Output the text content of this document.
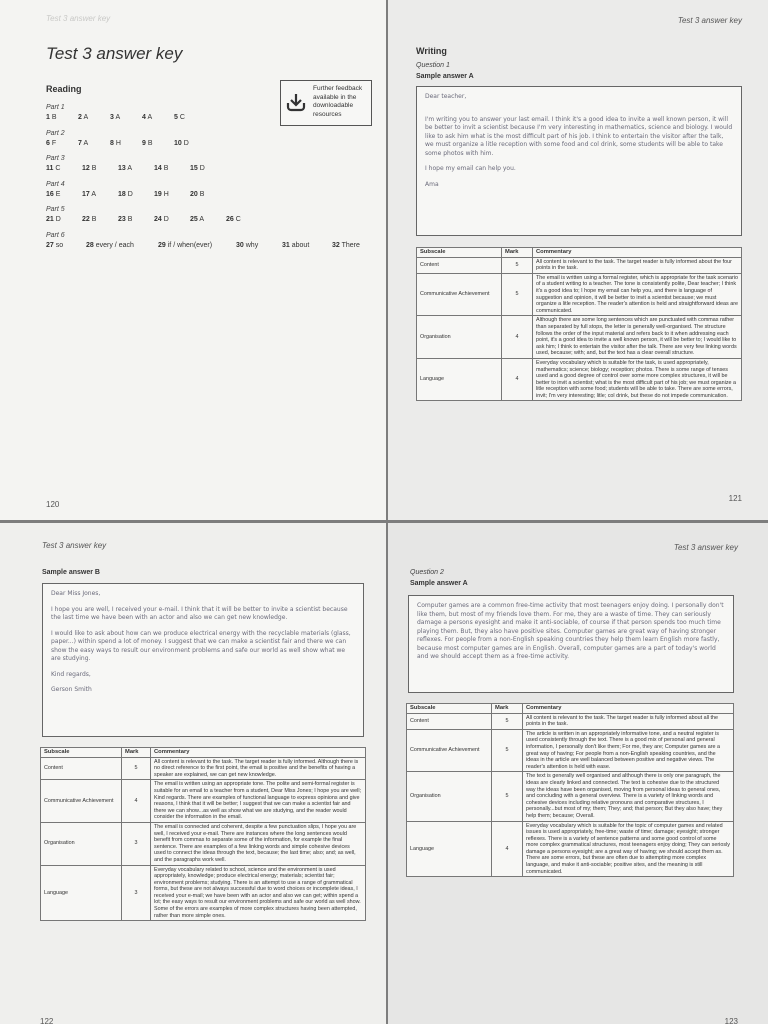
Test 3 answer key
Test 3 answer key
Reading	Further feedback available in the downloadable resources
Part 1
1 B	2 A	3 A	4 A	5 C
Part 2
6 F	7 A	8 H	9 B	10 D
Part 3
11 C	12 B	13 A	14 B	15 D
Part 4
16 E	17 A	18 D	19 H	20 B
Part 5
21 D	22 B	23 B	24 D	25 A	26 C
Part 6
27 so	28 every / each	29 if / when(ever)	30 why	31 about	32 There
120
Test 3 answer key
Writing
Question 1
Sample answer A

Dear teacher,

I'm writing you to answer your last email. I think it's a good idea to invite a well known person, it will be better to invit a scientist because I'm very interesting in mathematics, science and biology. I would like to ask him what is the most difficult part of his job. I think to entertain the visitor after the talk, we must organize a litle reception with some food and col drink, some students will be able to take some photos with him.

I hope my email can help you.

Ama

Subscale	Mark	Commentary
Content	5	All content is relevant to the task. The target reader is fully informed about the four points in the task.
Communicative Achievement	5	The email is written using a formal register, which is appropriate for the task scenario of a student writing to a teacher. The tone is consistently polite, Dear teacher; I think it's a good idea to; I hope my email can help you, and there is language of suggestion and opinion, it will be better to invit a scientist because; we must organize a litle reception. The reader's attention is held and straightforward ideas are communicated.
Organisation	4	Although there are some long sentences which are punctuated with commas rather than separated by full stops, the letter is generally well-organised. The structure follows the order of the input material and refers back to it when addressing each point, it's a good idea to invite a well known person, it will be better to; I would like to ask him; I think to entertain the visitor after the talk. There are very few linking words used, because; with; and, but the text has a clear overall structure.
Language	4	Everyday vocabulary which is suitable for the task, is used appropriately, mathematics; science; biology; reception; photos. There is some range of tenses used and a good degree of control over some more complex structures, it will be better to invit a scientist; what is the most difficult part of his job; we must organize a litle reception with some food; students will be able to take. There are some errors, invit; I'm very interesting; litle; col drink, but these do not impede communication.
121
Test 3 answer key
Sample answer B

Dear Miss Jones,

I hope you are well, I received your e-mail. I think that it will be better to invite a scientist because the last time we have been with an actor and also we can get new knowledge.

I would like to ask about how can we produce electrical energy with the recyclable materials (glass, paper...) within spend a lot of money. I suggest that we can make a scientist fair and there we can show the easy ways to result our environment problems and safe our world as well show what we are studying.

Kind regards,

Gerson Smith

Subscale	Mark	Commentary
Content	5	All content is relevant to the task. The target reader is fully informed. Although there is no direct reference to the first point, the email is positive and the benefits of having a speaker are explained, we can get new knowledge.
Communicative Achievement	4	The email is written using an appropriate tone. The polite and semi-formal register is suitable for an email to a teacher from a student, Dear Miss Jones; I hope you are well; Kind regards. There are examples of functional language to express opinions and give reasons, I think that it will be better; I suggest that we can make a scientist fair and there we can show...as well as show what we are studying, and the reader would consider the information in the email.
Organisation	3	The email is connected and coherent, despite a few punctuation slips, I hope you are well, I received your e-mail. There are instances where the long sentences would benefit from commas to separate some of the information, for example the final sentence. There are examples of a few linking words and simple cohesive devices used to connect the ideas through the text, because; the last time; also; and; as well, and the paragraphs work well.
Language	3	Everyday vocabulary related to school, science and the environment is used appropriately, knowledge; produce electrical energy; materials; scientist fair; environment problems; studying. There is an attempt to use a range of grammatical forms, but these are not always successful due to word choices or incomplete ideas, I received your e-mail; we have been with an actor and also we can get; within spend a lot; the easy ways to result our environment problems and safe our world as well show. Some of the errors are examples of more complex structures having been attempted, rather than more simple ones.
122
Test 3 answer key
Question 2
Sample answer A

Computer games are a common free-time activity that most teenagers enjoy doing. I personally don't like them, but most of my friends love them. For me, they are a waste of time. They can seriously damage a persons eyesight and make it anti-sociable, of course if that person spends too much time playing them. But, they also have positive sites. Computer games are great way of having stronger reflexes. For people from a non-English speaking countries they help them learn English more fastly, because most computer games are in English. Overall, computer games are a part of today's world and we should accept them as a free-time activity.

Subscale	Mark	Commentary
Content	5	All content is relevant to the task. The target reader is fully informed about all the points in the task.
Communicative Achievement	5	The article is written in an appropriately informative tone, and a neutral register is used consistently through the text. There is a good mix of personal and general information, I personally don't like them; For me, they are; Computer games are a great way of having; For people from a non-English speaking countries, and the ideas in the article are well balanced between positive and negative views. The reader's attention is held with ease.
Organisation	5	The text is generally well organised and although there is only one paragraph, the ideas are clearly linked and connected. The text is cohesive due to the structured way the ideas have been organised, moving from personal ideas to general ones, and concluding with a general overview. There is a variety of linking words and cohesive devices including relative pronouns and comparative structures, I personally...but most of my; them; They; and; that person; But they also have; they help them; because; Overall.
Language	4	Everyday vocabulary which is suitable for the topic of computer games and related issues is used appropriately, free-time; waste of time; damage; eyesight; stronger reflexes. There is a variety of sentence patterns and some good control of some more complex grammatical structures, most teenagers enjoy doing; They can seriosly damage a persons eyesight; are a great way of having; we should accept them as. There are some errors, but these are often due to attempting more complex language, and make it anti-sociable; positive sites, and the meaning is still communicated.
123
